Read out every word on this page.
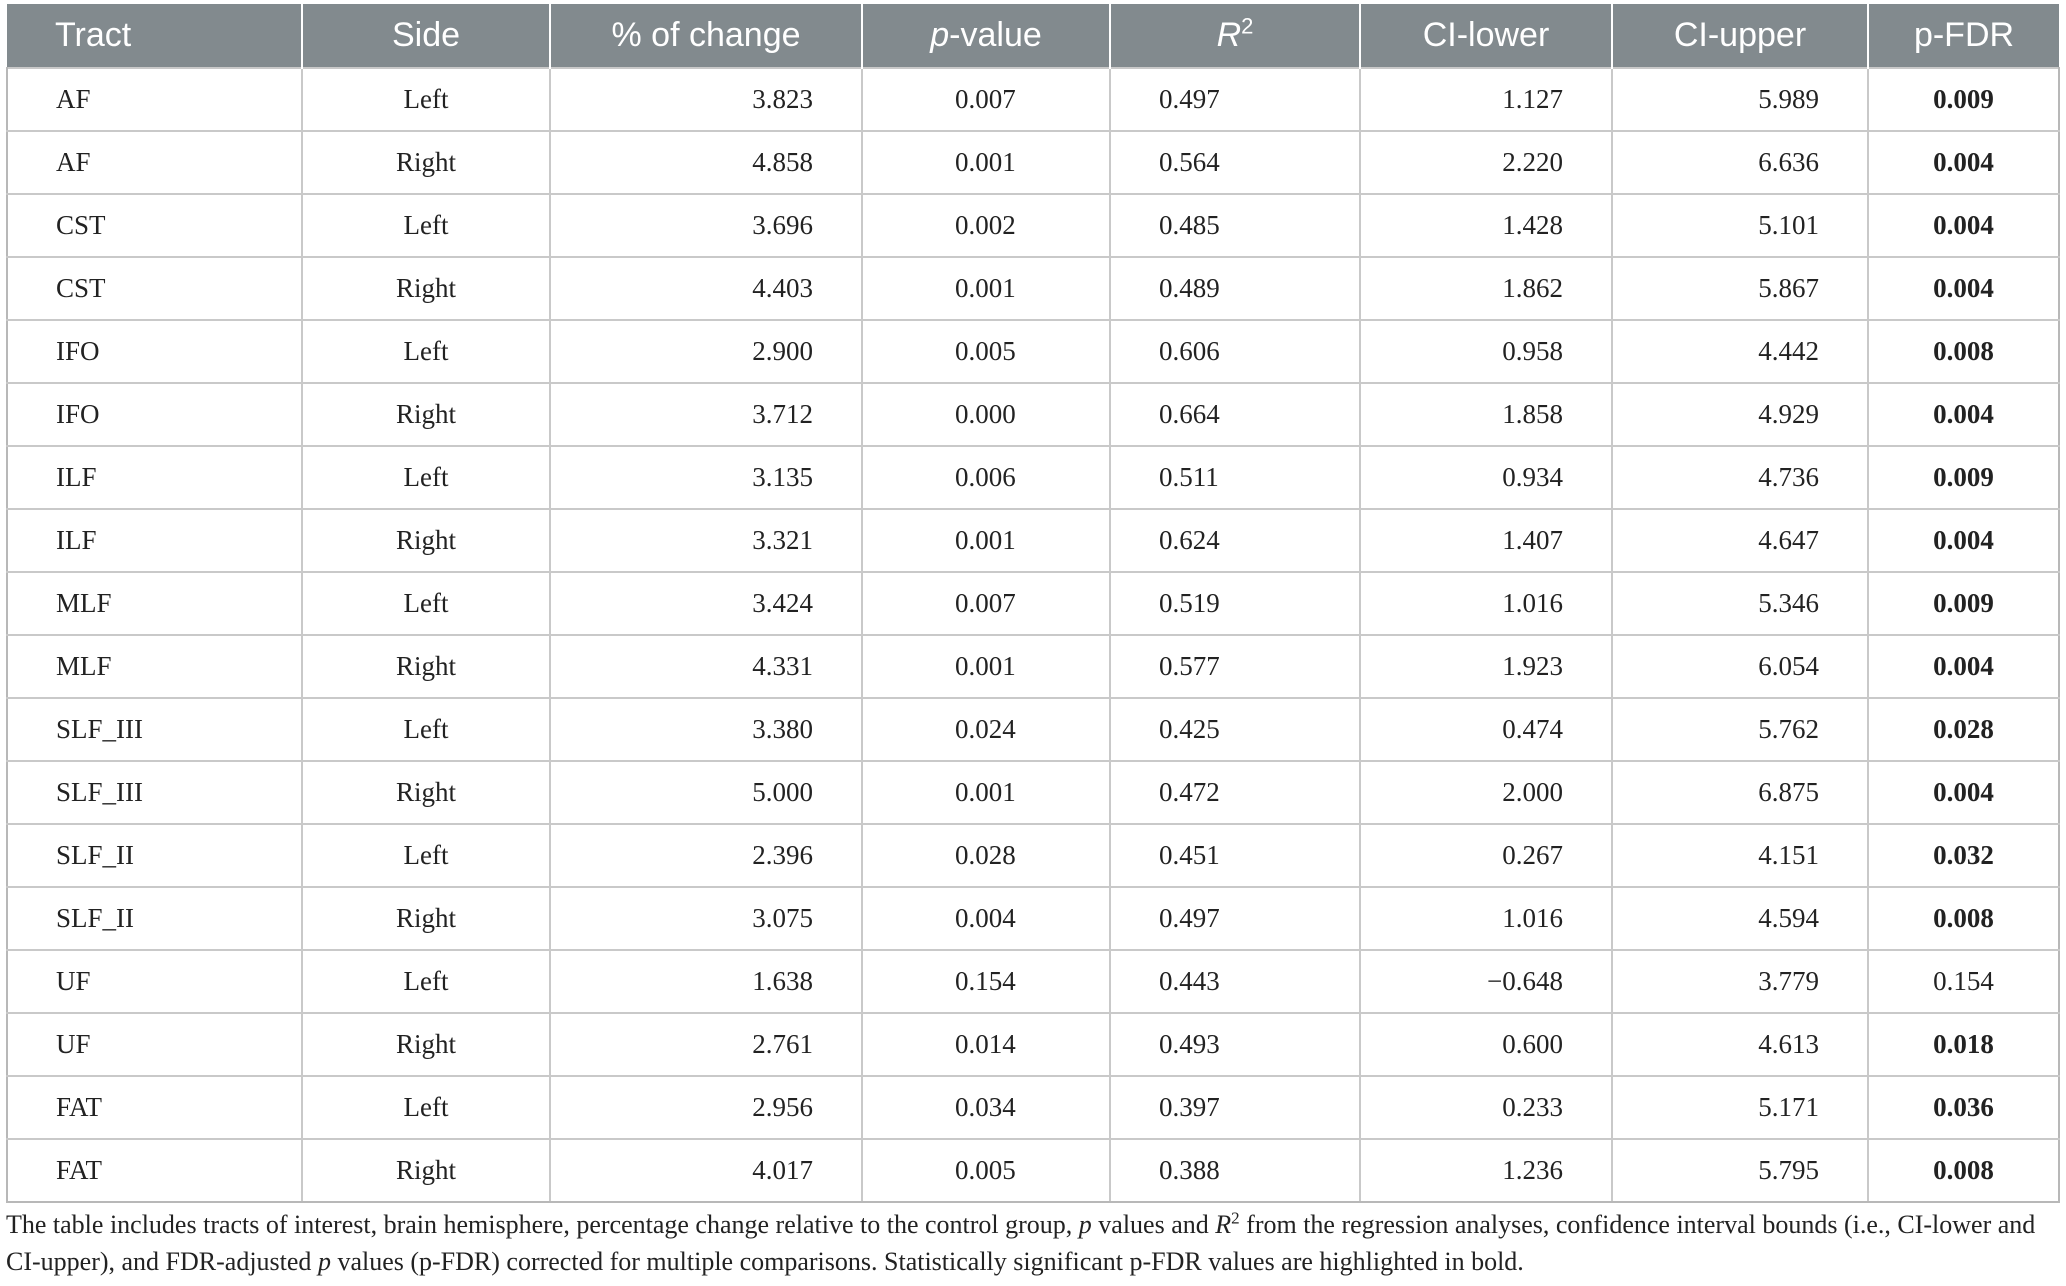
Tract	Side	% of change	p-value	$R^2$	CI-lower	CI-upper	p-FDR
AF	Left	3.823	0.007	0.497	1.127	5.989	0.009
AF	Right	4.858	0.001	0.564	2.220	6.636	0.004
CST	Left	3.696	0.002	0.485	1.428	5.101	0.004
CST	Right	4.403	0.001	0.489	1.862	5.867	0.004
IFO	Left	2.900	0.005	0.606	0.958	4.442	0.008
IFO	Right	3.712	0.000	0.664	1.858	4.929	0.004
ILF	Left	3.135	0.006	0.511	0.934	4.736	0.009
ILF	Right	3.321	0.001	0.624	1.407	4.647	0.004
MLF	Left	3.424	0.007	0.519	1.016	5.346	0.009
MLF	Right	4.331	0.001	0.577	1.923	6.054	0.004
SLF_III	Left	3.380	0.024	0.425	0.474	5.762	0.028
SLF_III	Right	5.000	0.001	0.472	2.000	6.875	0.004
SLF_II	Left	2.396	0.028	0.451	0.267	4.151	0.032
SLF_II	Right	3.075	0.004	0.497	1.016	4.594	0.008
UF	Left	1.638	0.154	0.443	−0.648	3.779	0.154
UF	Right	2.761	0.014	0.493	0.600	4.613	0.018
FAT	Left	2.956	0.034	0.397	0.233	5.171	0.036
FAT	Right	4.017	0.005	0.388	1.236	5.795	0.008
The table includes tracts of interest, brain hemisphere, percentage change relative to the control group, p values and $R^2$ from the regression analyses, confidence interval bounds (i.e., CI-lower and CI-upper), and FDR-adjusted p values (p-FDR) corrected for multiple comparisons. Statistically significant p-FDR values are highlighted in bold.
